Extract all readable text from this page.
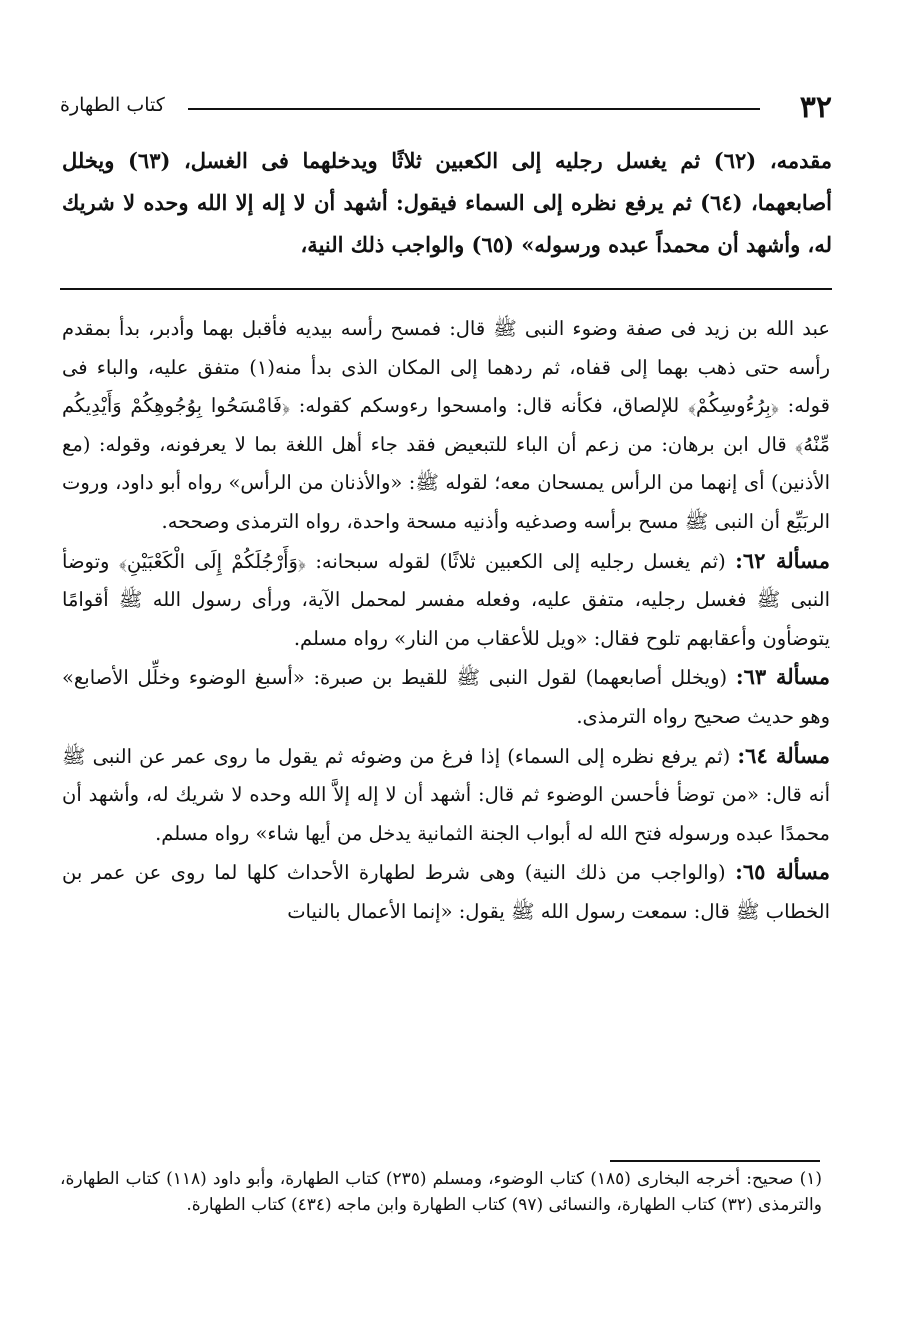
٣٢
كتاب الطهارة

مقدمه، (٦٢) ثم يغسل رجليه إلى الكعبين ثلاثًا ويدخلهما فى الغسل، (٦٣) ويخلل أصابعهما، (٦٤) ثم يرفع نظره إلى السماء فيقول: أشهد أن لا إله إلا الله وحده لا شريك له، وأشهد أن محمداً عبده ورسوله» (٦٥) والواجب ذلك النية،

عبد الله بن زيد فى صفة وضوء النبى ﷺ قال: فمسح رأسه بيديه فأقبل بهما وأدبر، بدأ بمقدم رأسه حتى ذهب بهما إلى قفاه، ثم ردهما إلى المكان الذى بدأ منه(١) متفق عليه، والباء فى قوله: ﴿بِرُءُوسِكُمْ﴾ للإلصاق، فكأنه قال: وامسحوا رءوسكم كقوله: ﴿فَامْسَحُوا بِوُجُوهِكُمْ وَأَيْدِيكُم مِّنْهُ﴾ قال ابن برهان: من زعم أن الباء للتبعيض فقد جاء أهل اللغة بما لا يعرفونه، وقوله: (مع الأذنين) أى إنهما من الرأس يمسحان معه؛ لقوله ﷺ: «والأذنان من الرأس» رواه أبو داود، وروت الربَيِّع أن النبى ﷺ مسح برأسه وصدغيه وأذنيه مسحة واحدة، رواه الترمذى وصححه.

مسألة ٦٢: (ثم يغسل رجليه إلى الكعبين ثلاثًا) لقوله سبحانه: ﴿وَأَرْجُلَكُمْ إِلَى الْكَعْبَيْنِ﴾ وتوضأ النبى ﷺ فغسل رجليه، متفق عليه، وفعله مفسر لمحمل الآية، ورأى رسول الله ﷺ أقوامًا يتوضأون وأعقابهم تلوح فقال: «ويل للأعقاب من النار» رواه مسلم.

مسألة ٦٣: (ويخلل أصابعهما) لقول النبى ﷺ للقيط بن صبرة: «أسبغ الوضوء وخلِّل الأصابع» وهو حديث صحيح رواه الترمذى.

مسألة ٦٤: (ثم يرفع نظره إلى السماء) إذا فرغ من وضوئه ثم يقول ما روى عمر عن النبى ﷺ أنه قال: «من توضأ فأحسن الوضوء ثم قال: أشهد أن لا إله إلاَّ الله وحده لا شريك له، وأشهد أن محمدًا عبده ورسوله فتح الله له أبواب الجنة الثمانية يدخل من أيها شاء» رواه مسلم.

مسألة ٦٥: (والواجب من ذلك النية) وهى شرط لطهارة الأحداث كلها لما روى عن عمر بن الخطاب ﷺ قال: سمعت رسول الله ﷺ يقول: «إنما الأعمال بالنيات

(١) صحيح: أخرجه البخارى (١٨٥) كتاب الوضوء، ومسلم (٢٣٥) كتاب الطهارة، وأبو داود (١١٨) كتاب الطهارة، والترمذى (٣٢) كتاب الطهارة، والنسائى (٩٧) كتاب الطهارة وابن ماجه (٤٣٤) كتاب الطهارة.
